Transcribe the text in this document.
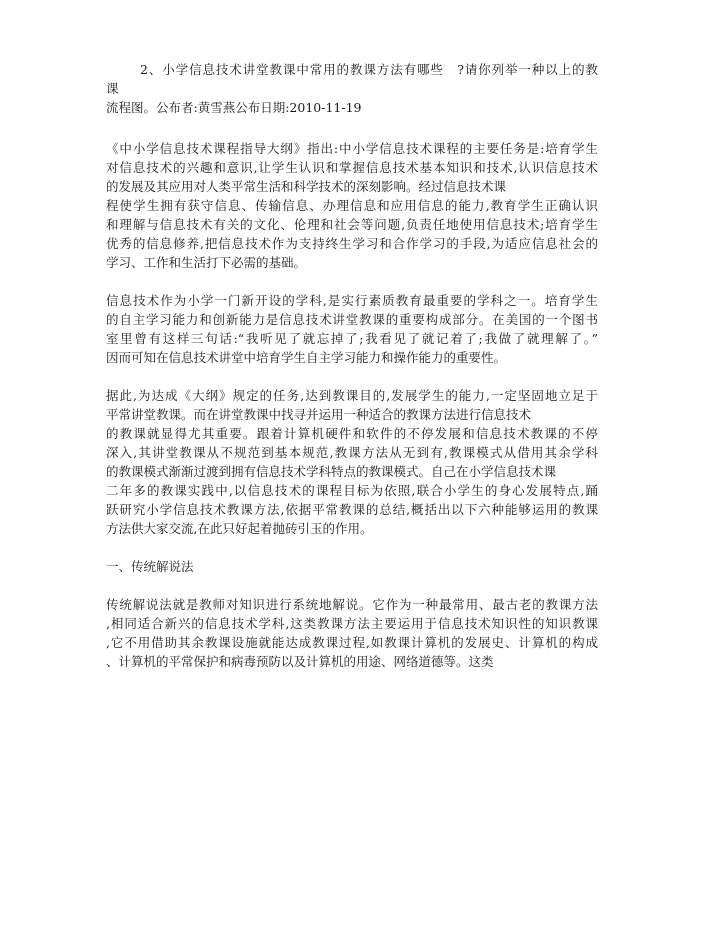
2、小学信息技术讲堂教课中常用的教课方法有哪些　?请你列举一种以上的教
课
流程图。公布者:黄雪燕公布日期:2010-11-19
《中小学信息技术课程指导大纲》指出:中小学信息技术课程的主要任务是:培育学生
对信息技术的兴趣和意识,让学生认识和掌握信息技术基本知识和技术,认识信息技术
的发展及其应用对人类平常生活和科学技术的深刻影响。经过信息技术课
程使学生拥有获守信息、传输信息、办理信息和应用信息的能力,教育学生正确认识
和理解与信息技术有关的文化、伦理和社会等问题,负责任地使用信息技术;培育学生
优秀的信息修养,把信息技术作为支持终生学习和合作学习的手段,为适应信息社会的
学习、工作和生活打下必需的基础。
信息技术作为小学一门新开设的学科,是实行素质教育最重要的学科之一。培育学生
的自主学习能力和创新能力是信息技术讲堂教课的重要构成部分。在美国的一个图书
室里曾有这样三句话:“我听见了就忘掉了;我看见了就记着了;我做了就理解了。”
因而可知在信息技术讲堂中培育学生自主学习能力和操作能力的重要性。
据此,为达成《大纲》规定的任务,达到教课目的,发展学生的能力,一定坚固地立足于
平常讲堂教课。而在讲堂教课中找寻并运用一种适合的教课方法进行信息技术
的教课就显得尤其重要。跟着计算机硬件和软件的不停发展和信息技术教课的不停
深入,其讲堂教课从不规范到基本规范,教课方法从无到有,教课模式从借用其余学科
的教课模式渐渐过渡到拥有信息技术学科特点的教课模式。自己在小学信息技术课
二年多的教课实践中,以信息技术的课程目标为依照,联合小学生的身心发展特点,踊
跃研究小学信息技术教课方法,依据平常教课的总结,概括出以下六种能够运用的教课
方法供大家交流,在此只好起着抛砖引玉的作用。
一、传统解说法
传统解说法就是教师对知识进行系统地解说。它作为一种最常用、最古老的教课方法
,相同适合新兴的信息技术学科,这类教课方法主要运用于信息技术知识性的知识教课
,它不用借助其余教课设施就能达成教课过程,如教课计算机的发展史、计算机的构成
、计算机的平常保护和病毒预防以及计算机的用途、网络道德等。这类
